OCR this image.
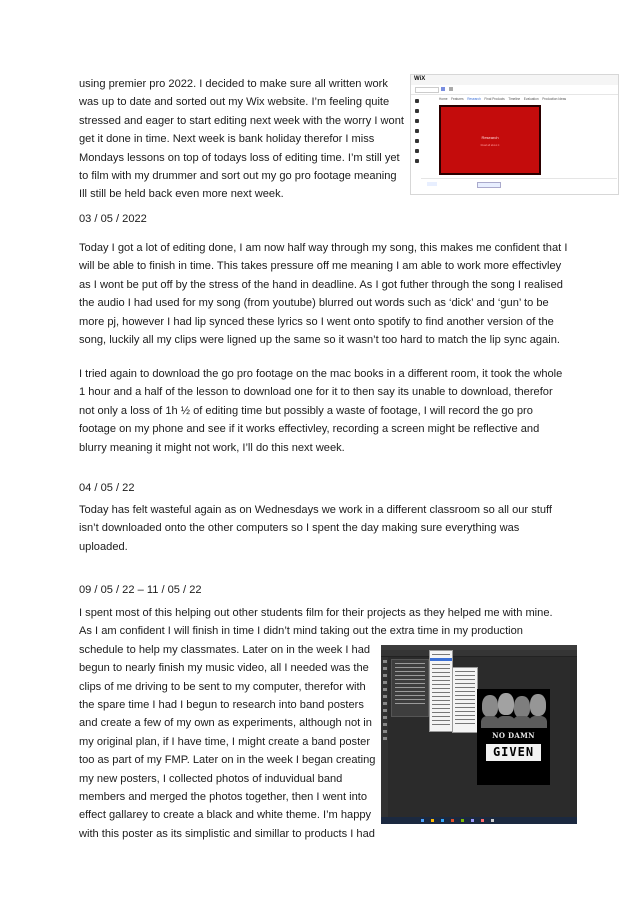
using premier pro 2022. I decided to make sure all written work
was up to date and sorted out my Wix website. I’m feeling quite
stressed and eager to start editing next week with the worry I wont
get it done in time. Next week is bank holiday therefor I miss
Mondays lessons on top of todays loss of editing time. I’m still yet
to film with my drummer and sort out my go pro footage meaning
Ill still be held back even more next week.
WiX
Home Features Research Final Products Timeline Evaluation Production Ideas
Research
Read all about it
03 / 05 / 2022
Today I got a lot of editing done, I am now half way through my song, this makes me confident that I
will be able to finish in time. This takes pressure off me meaning I am able to work more effectivley
as I wont be put off by the stress of the hand in deadline. As I got futher through the song I realised
the audio I had used for my song (from youtube) blurred out words such as ‘dick’ and ‘gun’ to be
more pj, however I had lip synced these lyrics so I went onto spotify to find another version of the
song, luckily all my clips were ligned up the same so it wasn’t too hard to match the lip sync again.
I tried again to download the go pro footage on the mac books in a different room, it took the whole
1 hour and a half of the lesson to download one for it to then say its unable to download, therefor
not only a loss of 1h ½ of editing time but possibly a waste of footage, I will record the go pro
footage on my phone and see if it works effectivley, recording a screen might be reflective and
blurry meaning it might not work, I’ll do this next week.
04 / 05 / 22
Today has felt wasteful again as on Wednesdays we work in a different classroom so all our stuff
isn’t downloaded onto the other computers so I spent the day making sure everything was
uploaded.
09 / 05 / 22 – 11 / 05 / 22
I spent most of this helping out other students film for their projects as they helped me with mine.
As I am confident I will finish in time I didn’t mind taking out the extra time in my production
schedule to help my classmates. Later on in the week I had
begun to nearly finish my music video, all I needed was the
clips of me driving to be sent to my computer, therefor with
the spare time I had I begun to research into band posters
and create a few of my own as experiments, although not in
my original plan, if I have time, I might create a band poster
too as part of my FMP. Later on in the week I began creating
my new posters, I collected photos of induvidual band
members and merged the photos together, then I went into
effect gallarey to create a black and white theme. I’m happy
with this poster as its simplistic and simillar to products I had
NO DAMN
GIVEN
